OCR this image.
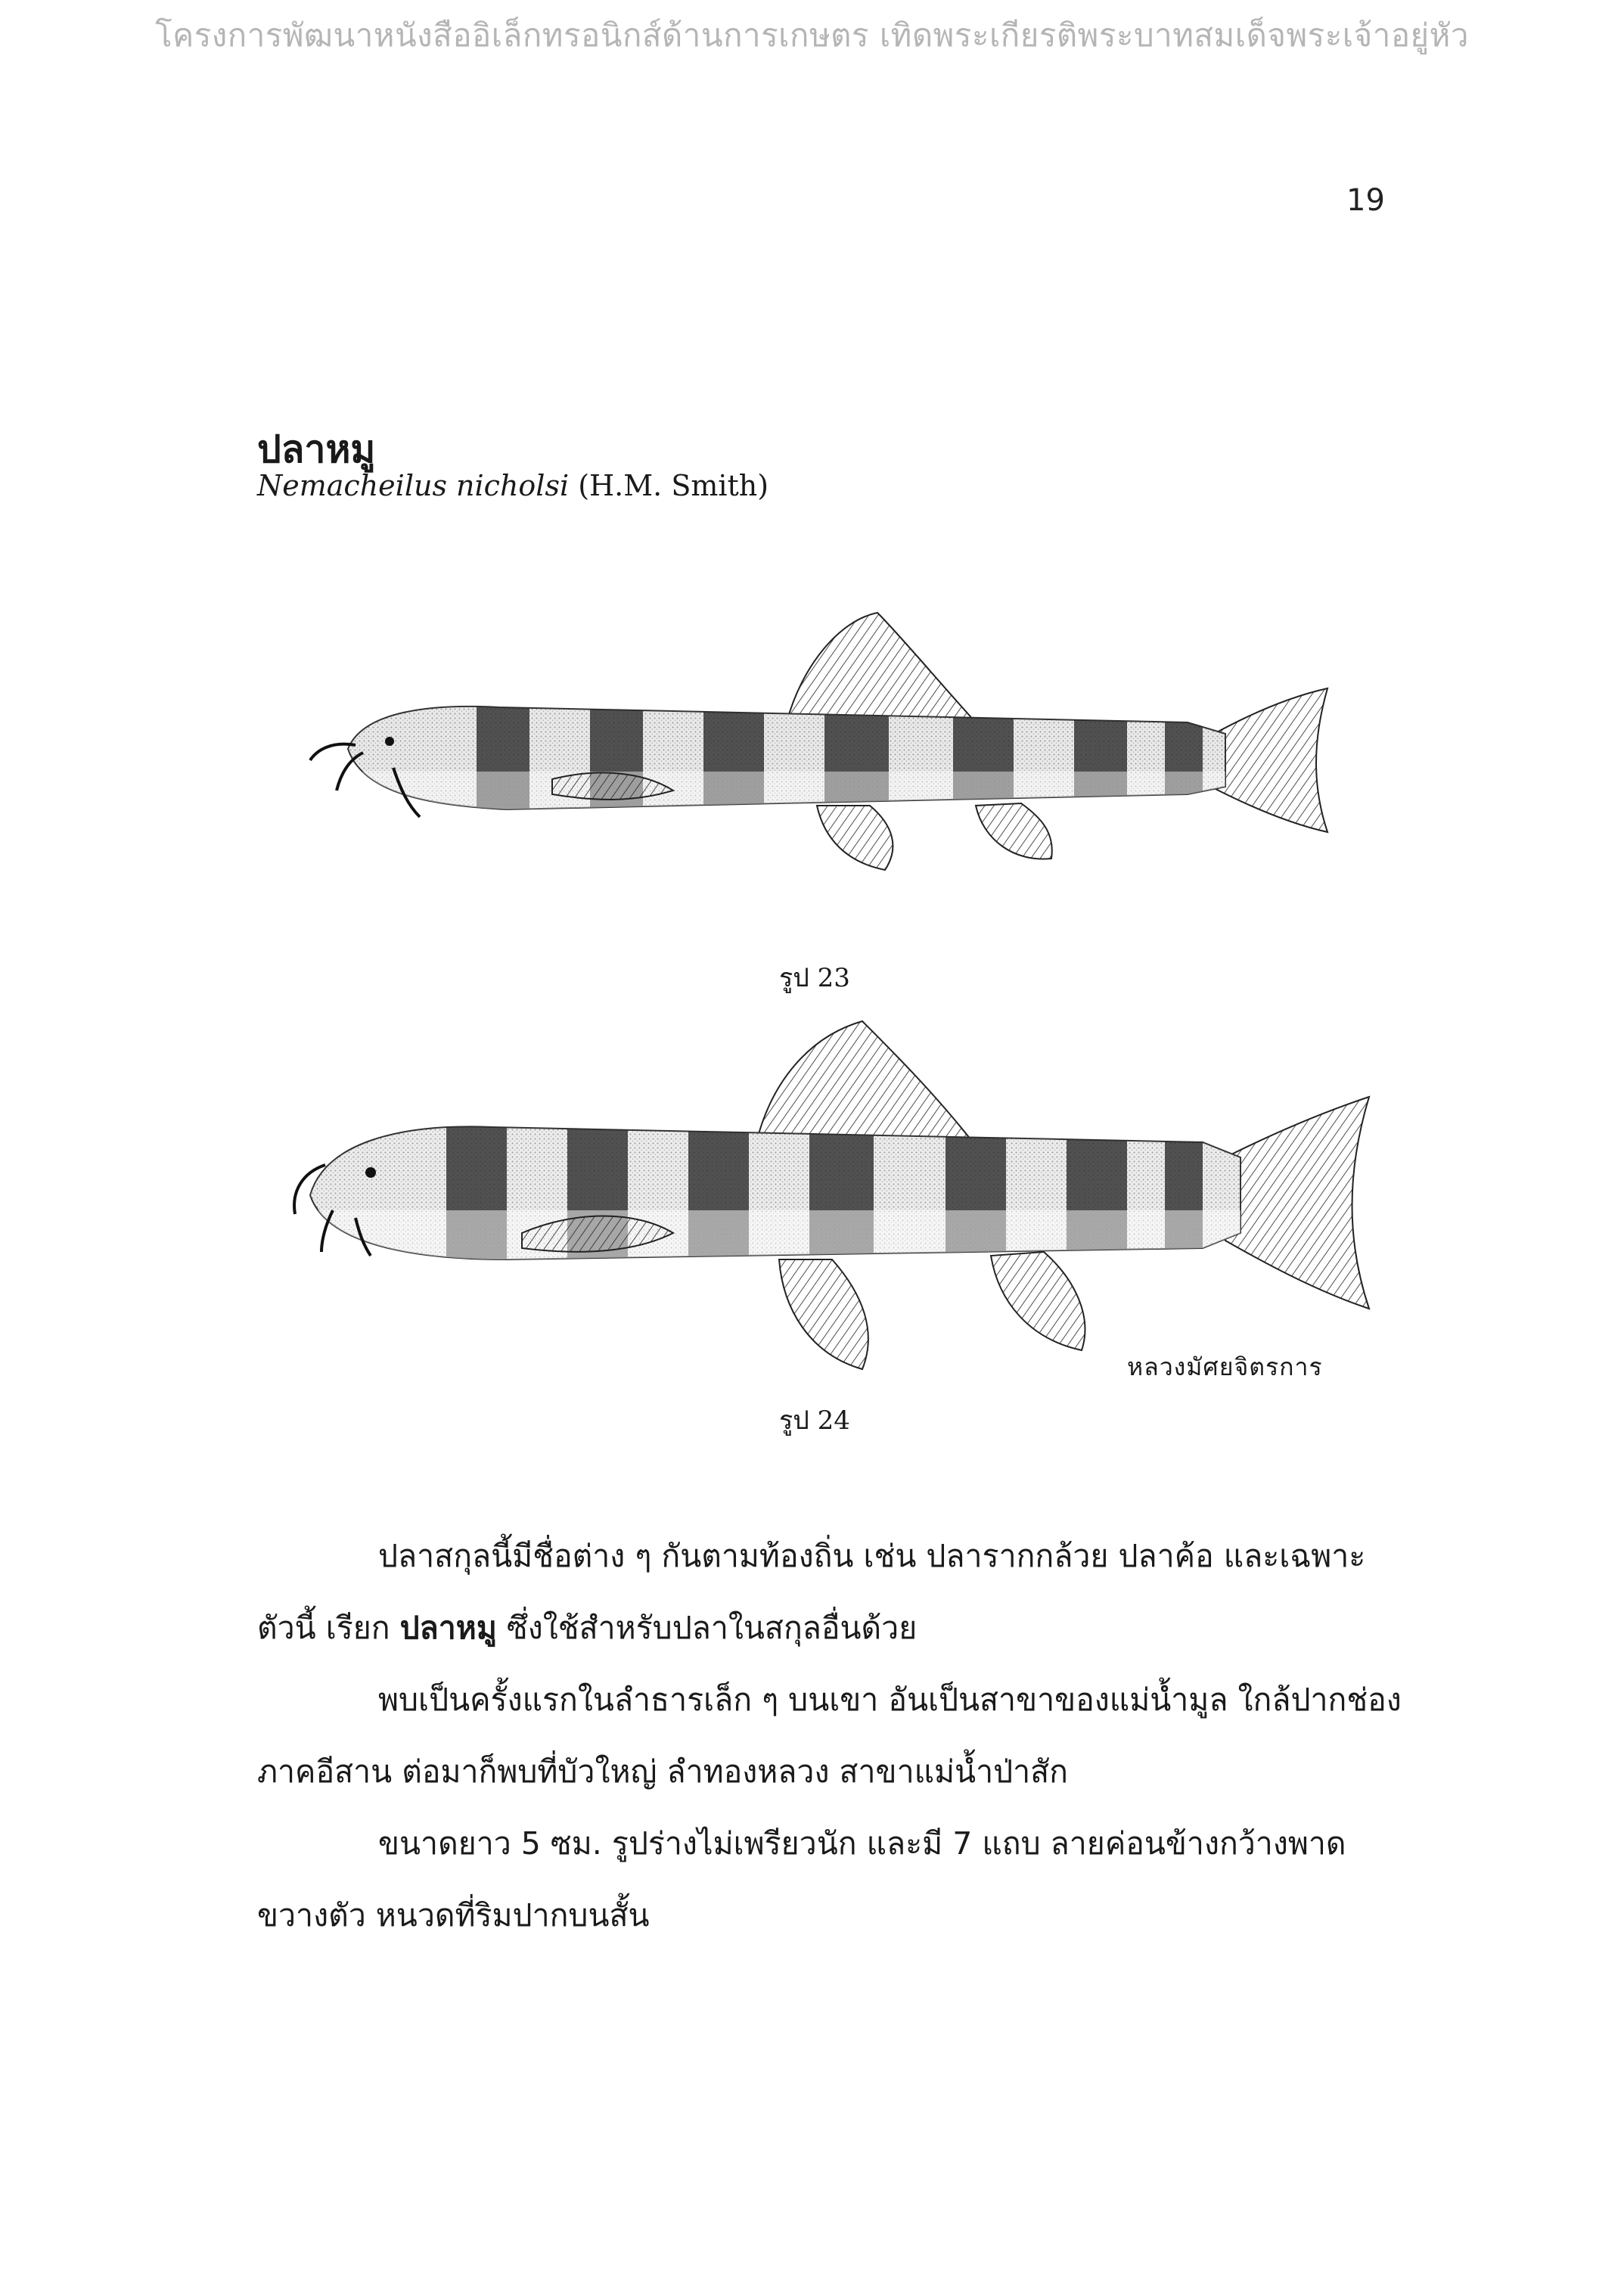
โครงการพัฒนาหนังสืออิเล็กทรอนิกส์ด้านการเกษตร เทิดพระเกียรติพระบาทสมเด็จพระเจ้าอยู่หัว
19
ปลาหมู
Nemacheilus nicholsi (H.M. Smith)
รูป 23
หลวงมัศยจิตรการ
รูป 24
ปลาสกุลนี้มีชื่อต่าง ๆ กันตามท้องถิ่น เช่น ปลารากกล้วย ปลาค้อ และเฉพาะ
ตัวนี้ เรียก ปลาหมู ซึ่งใช้สำหรับปลาในสกุลอื่นด้วย
พบเป็นครั้งแรกในลำธารเล็ก ๆ บนเขา อันเป็นสาขาของแม่น้ำมูล ใกล้ปากช่อง
ภาคอีสาน ต่อมาก็พบที่บัวใหญ่ ลำทองหลวง สาขาแม่น้ำป่าสัก
ขนาดยาว 5 ซม. รูปร่างไม่เพรียวนัก และมี 7 แถบ ลายค่อนข้างกว้างพาด
ขวางตัว หนวดที่ริมปากบนสั้น
